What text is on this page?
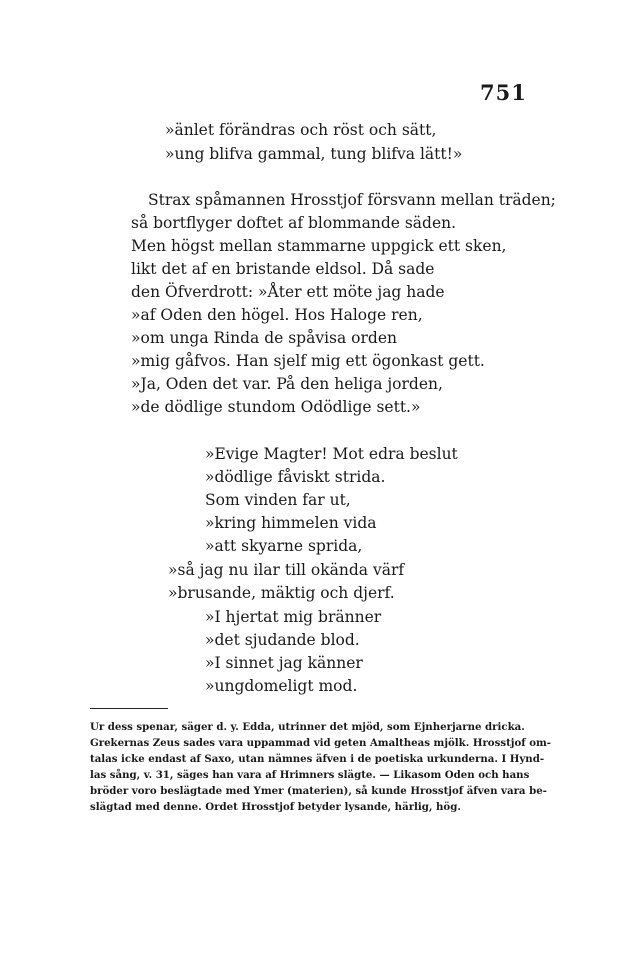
751
»änlet förändras och röst och sätt,
»ung blifva gammal, tung blifva lätt!»
Strax spåmannen Hrosstjof försvann mellan träden;
så bortflyger doftet af blommande säden.
Men högst mellan stammarne uppgick ett sken,
likt det af en bristande eldsol. Då sade
den Öfverdrott: »Åter ett möte jag hade
»af Oden den högel. Hos Haloge ren,
»om unga Rinda de spåvisa orden
»mig gåfvos. Han sjelf mig ett ögonkast gett.
»Ja, Oden det var. På den heliga jorden,
»de dödlige stundom Odödlige sett.»
»Evige Magter! Mot edra beslut
»dödlige fåviskt strida.
Som vinden far ut,
»kring himmelen vida
»att skyarne sprida,
»så jag nu ilar till okända värf
»brusande, mäktig och djerf.
»I hjertat mig bränner
»det sjudande blod.
»I sinnet jag känner
»ungdomeligt mod.
Ur dess spenar, säger d. y. Edda, utrinner det mjöd, som Ejnherjarne dricka.
Grekernas Zeus sades vara uppammad vid geten Amaltheas mjölk. Hrosstjof om-
talas icke endast af Saxo, utan nämnes äfven i de poetiska urkunderna. I Hynd-
las sång, v. 31, säges han vara af Hrimners slägte. — Likasom Oden och hans
bröder voro beslägtade med Ymer (materien), så kunde Hrosstjof äfven vara be-
slägtad med denne. Ordet Hrosstjof betyder lysande, härlig, hög.
